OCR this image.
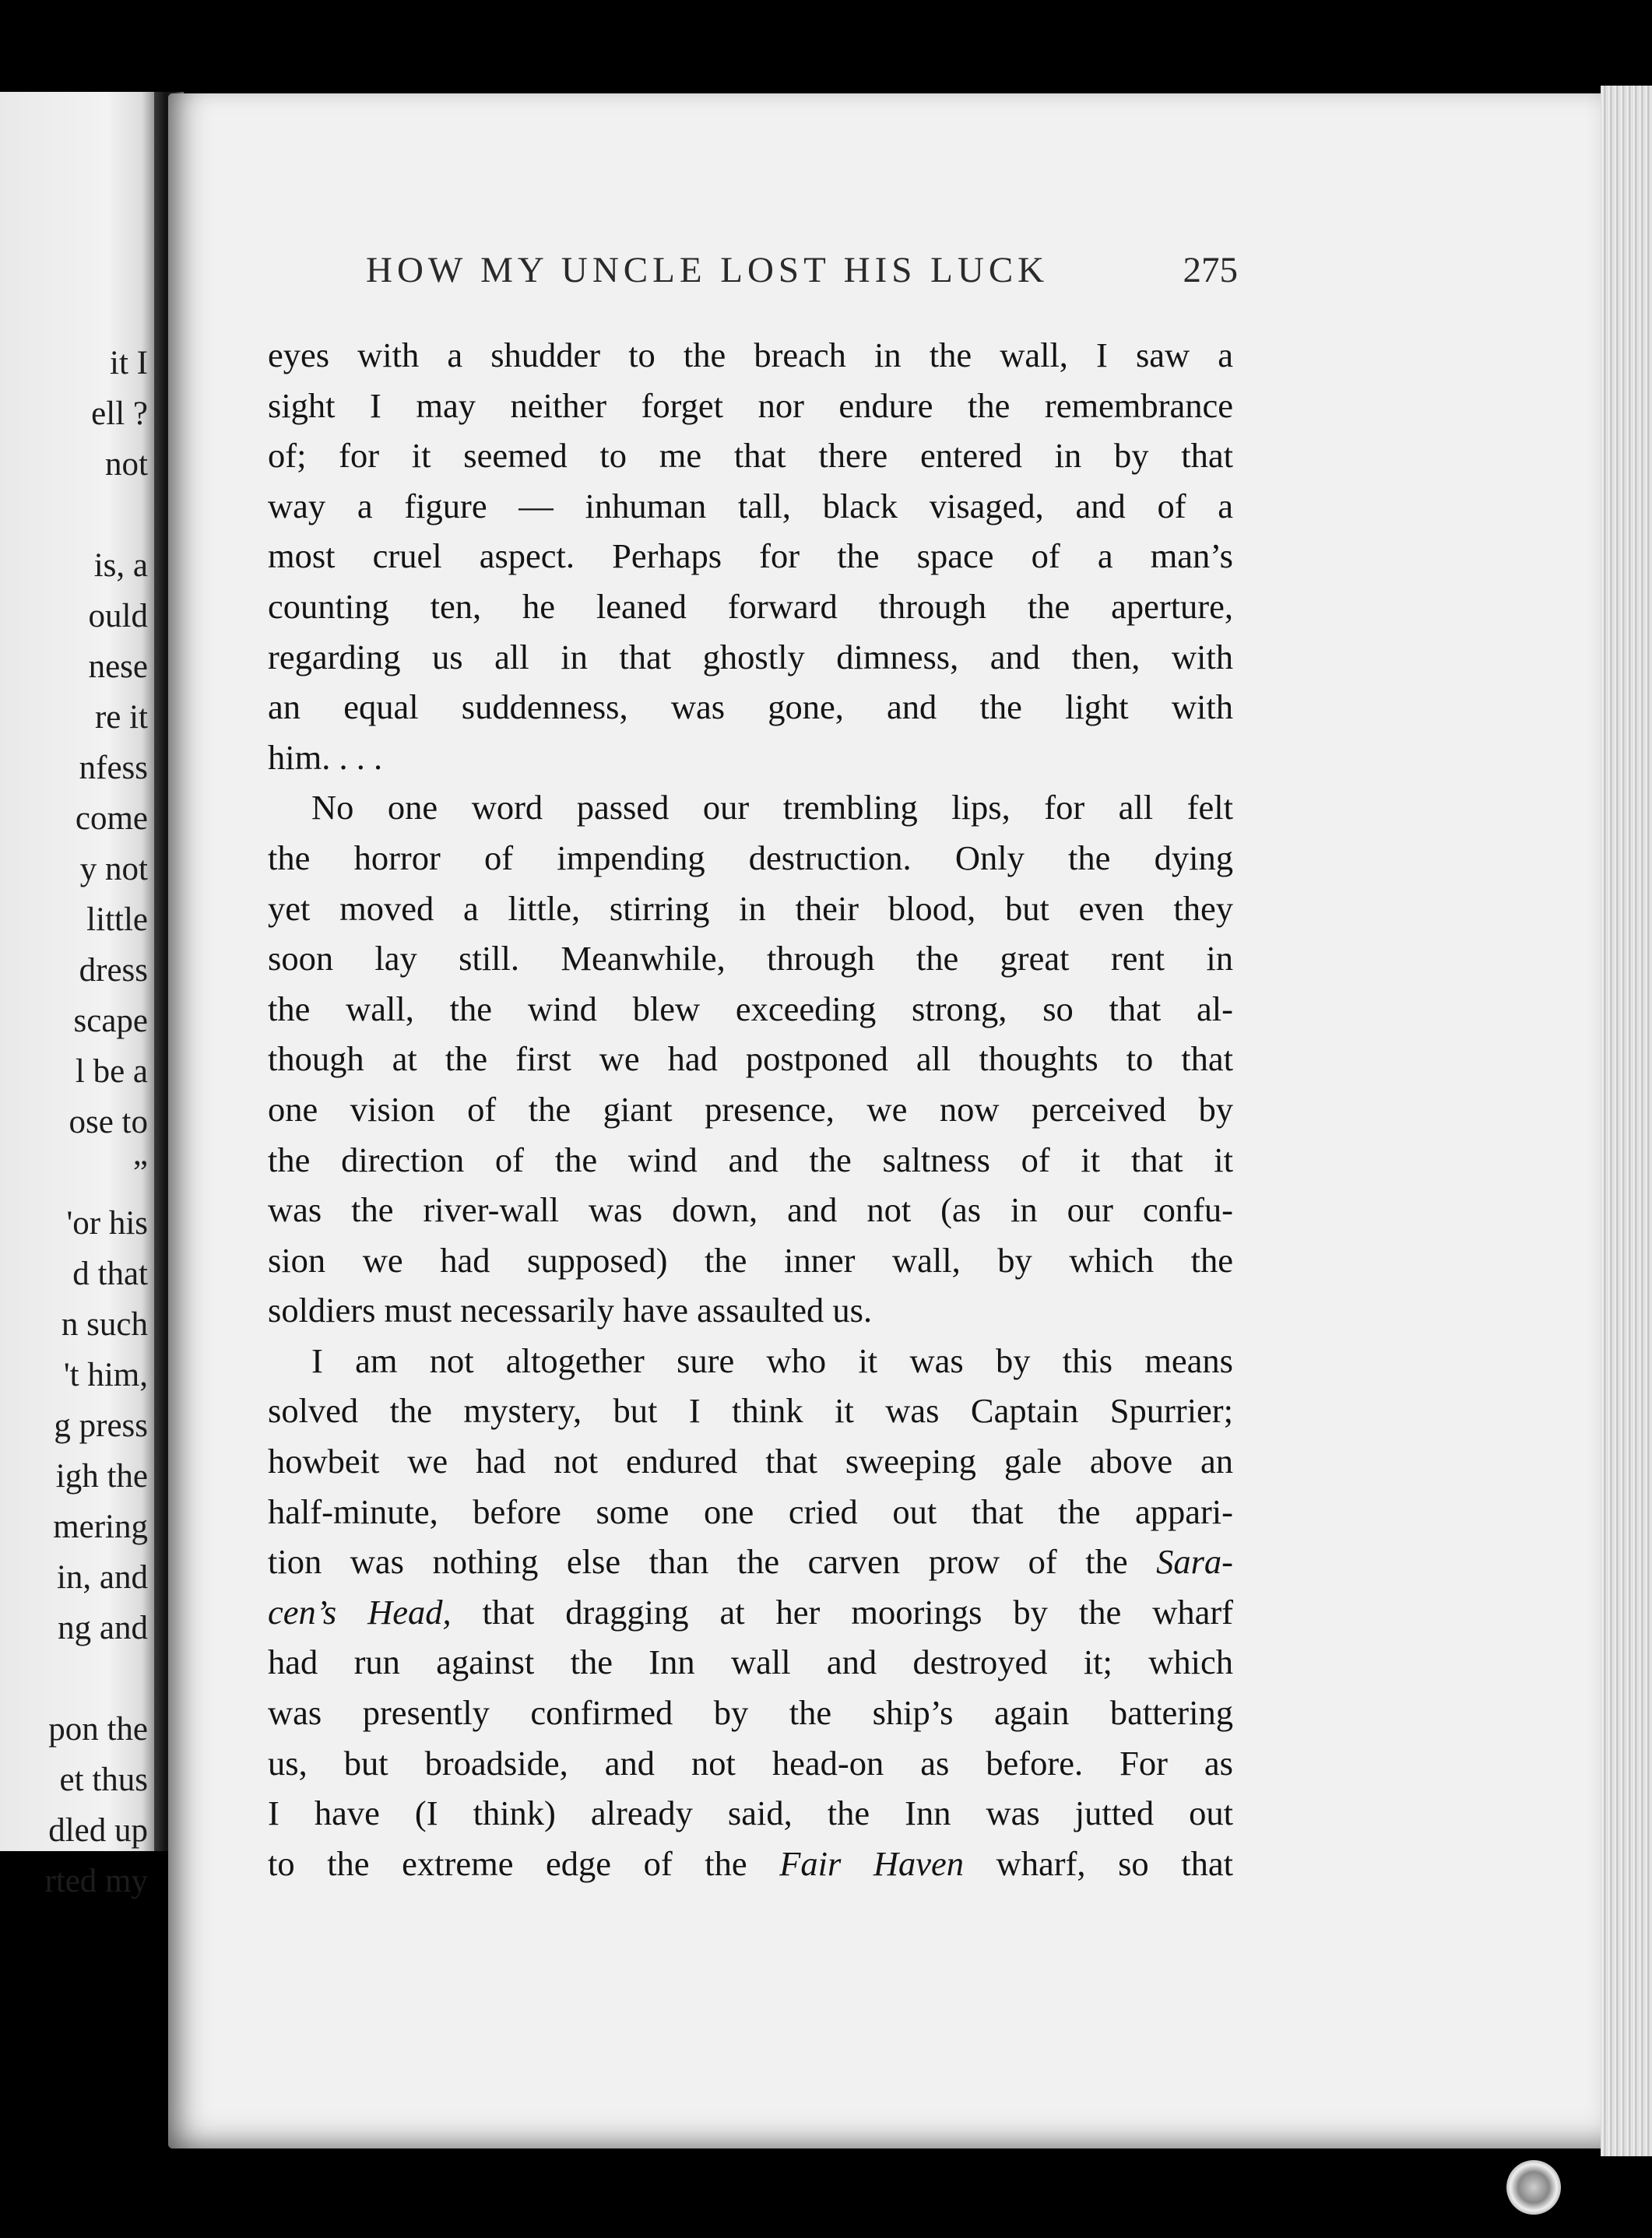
it I
ell ?
not
is, a
ould
nese
re it
nfess
come
y not
little
dress
scape
l be a
ose to
”
'or his
d that
n such
't him,
g press
igh the
mering
in, and
ng and
pon the
et thus
dled up
rted my
HOW MY UNCLE LOST HIS LUCK	275
eyes with a shudder to the breach in the wall, I saw a
sight I may neither forget nor endure the remembrance
of; for it seemed to me that there entered in by that
way a figure — inhuman tall, black visaged, and of a
most cruel aspect. Perhaps for the space of a man’s
counting ten, he leaned forward through the aperture,
regarding us all in that ghostly dimness, and then, with
an equal suddenness, was gone, and the light with
him. . . .
No one word passed our trembling lips, for all felt
the horror of impending destruction. Only the dying
yet moved a little, stirring in their blood, but even they
soon lay still. Meanwhile, through the great rent in
the wall, the wind blew exceeding strong, so that al-
though at the first we had postponed all thoughts to that
one vision of the giant presence, we now perceived by
the direction of the wind and the saltness of it that it
was the river-wall was down, and not (as in our confu-
sion we had supposed) the inner wall, by which the
soldiers must necessarily have assaulted us.
I am not altogether sure who it was by this means
solved the mystery, but I think it was Captain Spurrier;
howbeit we had not endured that sweeping gale above an
half-minute, before some one cried out that the appari-
tion was nothing else than the carven prow of the Sara-
cen’s Head, that dragging at her moorings by the wharf
had run against the Inn wall and destroyed it; which
was presently confirmed by the ship’s again battering
us, but broadside, and not head-on as before. For as
I have (I think) already said, the Inn was jutted out
to the extreme edge of the Fair Haven wharf, so that
